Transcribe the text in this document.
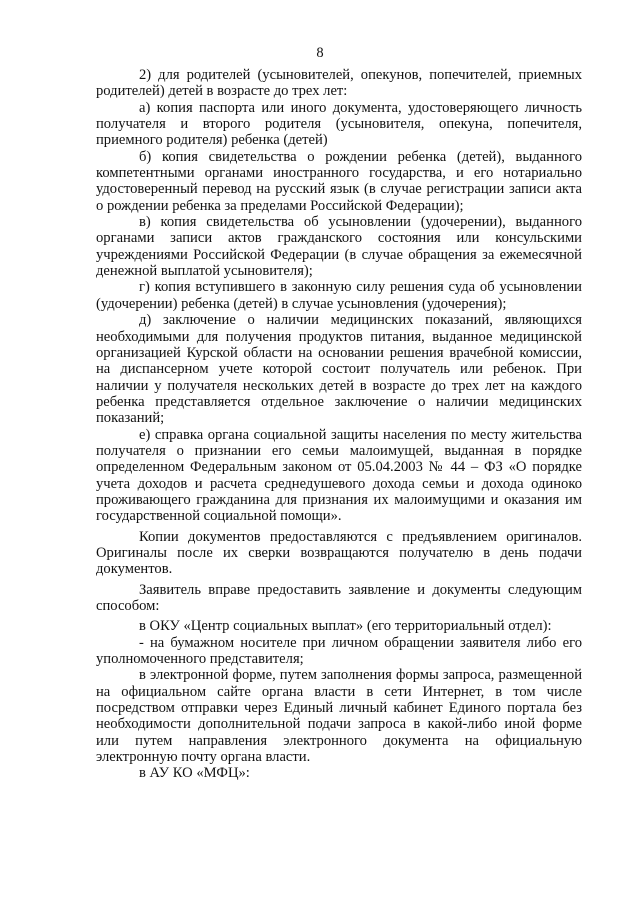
8

2) для родителей (усыновителей, опекунов, попечителей, приемных родителей) детей в возрасте до трех лет:

а) копия паспорта или иного документа, удостоверяющего личность получателя и второго родителя (усыновителя, опекуна, попечителя, приемного родителя) ребенка (детей)

б) копия свидетельства о рождении ребенка (детей), выданного компетентными органами иностранного государства, и его нотариально удостоверенный перевод на русский язык (в случае регистрации записи акта о рождении ребенка за пределами Российской Федерации);

в) копия свидетельства об усыновлении (удочерении), выданного органами записи актов гражданского состояния или консульскими учреждениями Российской Федерации (в случае обращения за ежемесячной денежной выплатой усыновителя);

г) копия вступившего в законную силу решения суда об усыновлении (удочерении) ребенка (детей) в случае усыновления (удочерения);

д) заключение о наличии медицинских показаний, являющихся необходимыми для получения продуктов питания, выданное медицинской организацией Курской области на основании решения врачебной комиссии, на диспансерном учете которой состоит получатель или ребенок. При наличии у получателя нескольких детей в возрасте до трех лет на каждого ребенка представляется отдельное заключение о наличии медицинских показаний;

е) справка органа социальной защиты населения по месту жительства получателя о признании его семьи малоимущей, выданная в порядке определенном Федеральным законом от 05.04.2003 № 44 – ФЗ «О порядке учета доходов и расчета среднедушевого дохода семьи и дохода одиноко проживающего гражданина для признания их малоимущими и оказания им государственной социальной помощи».

Копии документов предоставляются с предъявлением оригиналов. Оригиналы после их сверки возвращаются получателю в день подачи документов.

Заявитель вправе предоставить заявление и документы следующим способом:

в ОКУ «Центр социальных выплат» (его территориальный отдел):

- на бумажном носителе при личном обращении заявителя либо его уполномоченного представителя;

в электронной форме, путем заполнения формы запроса, размещенной на официальном сайте органа власти в сети Интернет, в том числе посредством отправки через Единый личный кабинет Единого портала без необходимости дополнительной подачи запроса в какой-либо иной форме или путем направления электронного документа на официальную электронную почту органа власти.

в АУ КО «МФЦ»:
